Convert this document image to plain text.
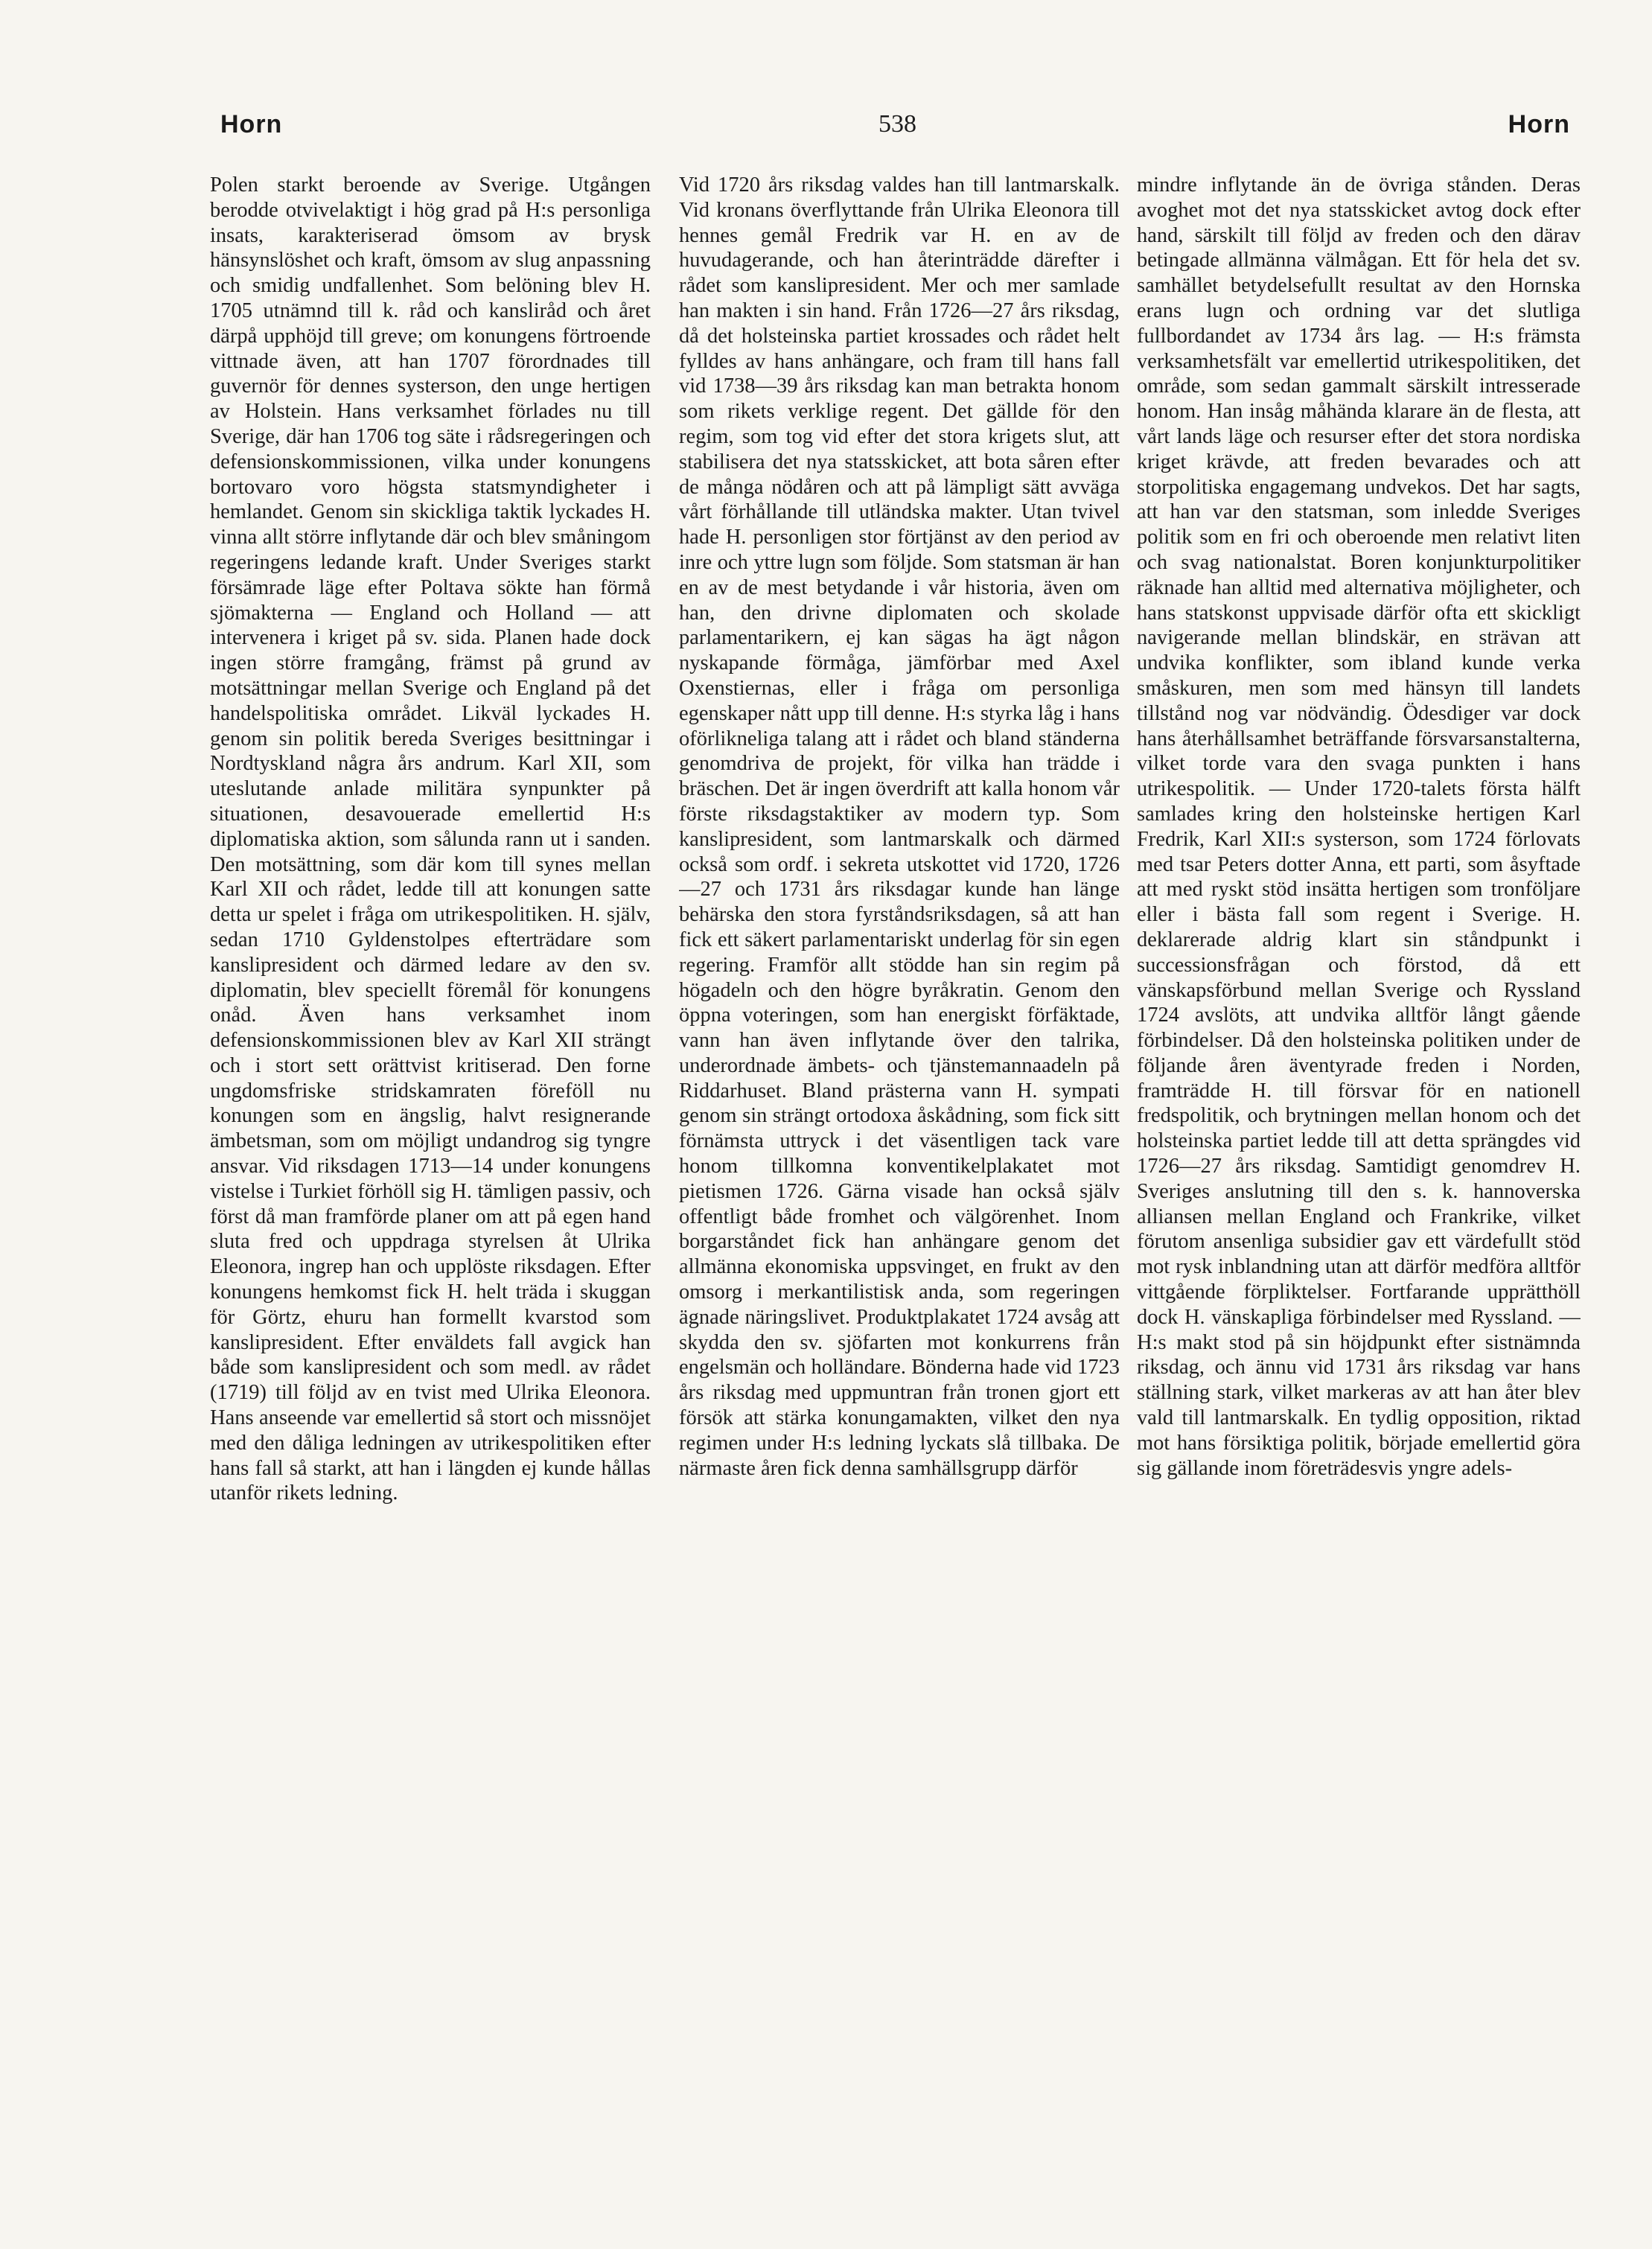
Horn	538	Horn

Polen starkt beroende av Sverige. Utgången berodde otvivelaktigt i hög grad på H:s personliga insats, karakteriserad ömsom av brysk hänsynslöshet och kraft, ömsom av slug anpassning och smidig undfallenhet. Som belöning blev H. 1705 utnämnd till k. råd och kansliråd och året därpå upphöjd till greve; om konungens förtroende vittnade även, att han 1707 förordnades till guvernör för dennes systerson, den unge hertigen av Holstein. Hans verksamhet förlades nu till Sverige, där han 1706 tog säte i rådsregeringen och defensionskommissionen, vilka under konungens bortovaro voro högsta statsmyndigheter i hemlandet. Genom sin skickliga taktik lyckades H. vinna allt större inflytande där och blev småningom regeringens ledande kraft. Under Sveriges starkt försämrade läge efter Poltava sökte han förmå sjömakterna — England och Holland — att intervenera i kriget på sv. sida. Planen hade dock ingen större framgång, främst på grund av motsättningar mellan Sverige och England på det handelspolitiska området. Likväl lyckades H. genom sin politik bereda Sveriges besittningar i Nordtyskland några års andrum. Karl XII, som uteslutande anlade militära synpunkter på situationen, desavouerade emellertid H:s diplomatiska aktion, som sålunda rann ut i sanden. Den motsättning, som där kom till synes mellan Karl XII och rådet, ledde till att konungen satte detta ur spelet i fråga om utrikespolitiken. H. själv, sedan 1710 Gyldenstolpes efterträdare som kanslipresident och därmed ledare av den sv. diplomatin, blev speciellt föremål för konungens onåd. Även hans verksamhet inom defensionskommissionen blev av Karl XII strängt och i stort sett orättvist kritiserad. Den forne ungdomsfriske stridskamraten föreföll nu konungen som en ängslig, halvt resignerande ämbetsman, som om möjligt undandrog sig tyngre ansvar. Vid riksdagen 1713—14 under konungens vistelse i Turkiet förhöll sig H. tämligen passiv, och först då man framförde planer om att på egen hand sluta fred och uppdraga styrelsen åt Ulrika Eleonora, ingrep han och upplöste riksdagen. Efter konungens hemkomst fick H. helt träda i skuggan för Görtz, ehuru han formellt kvarstod som kanslipresident. Efter enväldets fall avgick han både som kanslipresident och som medl. av rådet (1719) till följd av en tvist med Ulrika Eleonora. Hans anseende var emellertid så stort och missnöjet med den dåliga ledningen av utrikespolitiken efter hans fall så starkt, att han i längden ej kunde hållas utanför rikets ledning.

Vid 1720 års riksdag valdes han till lantmarskalk. Vid kronans överflyttande från Ulrika Eleonora till hennes gemål Fredrik var H. en av de huvudagerande, och han återinträdde därefter i rådet som kanslipresident. Mer och mer samlade han makten i sin hand. Från 1726—27 års riksdag, då det holsteinska partiet krossades och rådet helt fylldes av hans anhängare, och fram till hans fall vid 1738—39 års riksdag kan man betrakta honom som rikets verklige regent. Det gällde för den regim, som tog vid efter det stora krigets slut, att stabilisera det nya statsskicket, att bota såren efter de många nödåren och att på lämpligt sätt avväga vårt förhållande till utländska makter. Utan tvivel hade H. personligen stor förtjänst av den period av inre och yttre lugn som följde. Som statsman är han en av de mest betydande i vår historia, även om han, den drivne diplomaten och skolade parlamentarikern, ej kan sägas ha ägt någon nyskapande förmåga, jämförbar med Axel Oxenstiernas, eller i fråga om personliga egenskaper nått upp till denne. H:s styrka låg i hans oförlikneliga talang att i rådet och bland ständerna genomdriva de projekt, för vilka han trädde i bräschen. Det är ingen överdrift att kalla honom vår förste riksdagstaktiker av modern typ. Som kanslipresident, som lantmarskalk och därmed också som ordf. i sekreta utskottet vid 1720, 1726—27 och 1731 års riksdagar kunde han länge behärska den stora fyrståndsriksdagen, så att han fick ett säkert parlamentariskt underlag för sin egen regering. Framför allt stödde han sin regim på högadeln och den högre byråkratin. Genom den öppna voteringen, som han energiskt förfäktade, vann han även inflytande över den talrika, underordnade ämbets- och tjänstemannaadeln på Riddarhuset. Bland prästerna vann H. sympati genom sin strängt ortodoxa åskådning, som fick sitt förnämsta uttryck i det väsentligen tack vare honom tillkomna konventikelplakatet mot pietismen 1726. Gärna visade han också själv offentligt både fromhet och välgörenhet. Inom borgarståndet fick han anhängare genom det allmänna ekonomiska uppsvinget, en frukt av den omsorg i merkantilistisk anda, som regeringen ägnade näringslivet. Produktplakatet 1724 avsåg att skydda den sv. sjöfarten mot konkurrens från engelsmän och holländare. Bönderna hade vid 1723 års riksdag med uppmuntran från tronen gjort ett försök att stärka konungamakten, vilket den nya regimen under H:s ledning lyckats slå tillbaka. De närmaste åren fick denna samhällsgrupp därför

mindre inflytande än de övriga stånden. Deras avoghet mot det nya statsskicket avtog dock efter hand, särskilt till följd av freden och den därav betingade allmänna välmågan. Ett för hela det sv. samhället betydelsefullt resultat av den Hornska erans lugn och ordning var det slutliga fullbordandet av 1734 års lag. — H:s främsta verksamhetsfält var emellertid utrikespolitiken, det område, som sedan gammalt särskilt intresserade honom. Han insåg måhända klarare än de flesta, att vårt lands läge och resurser efter det stora nordiska kriget krävde, att freden bevarades och att storpolitiska engagemang undvekos. Det har sagts, att han var den statsman, som inledde Sveriges politik som en fri och oberoende men relativt liten och svag nationalstat. Boren konjunkturpolitiker räknade han alltid med alternativa möjligheter, och hans statskonst uppvisade därför ofta ett skickligt navigerande mellan blindskär, en strävan att undvika konflikter, som ibland kunde verka småskuren, men som med hänsyn till landets tillstånd nog var nödvändig. Ödesdiger var dock hans återhållsamhet beträffande försvarsanstalterna, vilket torde vara den svaga punkten i hans utrikespolitik. — Under 1720-talets första hälft samlades kring den holsteinske hertigen Karl Fredrik, Karl XII:s systerson, som 1724 förlovats med tsar Peters dotter Anna, ett parti, som åsyftade att med ryskt stöd insätta hertigen som tronföljare eller i bästa fall som regent i Sverige. H. deklarerade aldrig klart sin ståndpunkt i successionsfrågan och förstod, då ett vänskapsförbund mellan Sverige och Ryssland 1724 avslöts, att undvika alltför långt gående förbindelser. Då den holsteinska politiken under de följande åren äventyrade freden i Norden, framträdde H. till försvar för en nationell fredspolitik, och brytningen mellan honom och det holsteinska partiet ledde till att detta sprängdes vid 1726—27 års riksdag. Samtidigt genomdrev H. Sveriges anslutning till den s. k. hannoverska alliansen mellan England och Frankrike, vilket förutom ansenliga subsidier gav ett värdefullt stöd mot rysk inblandning utan att därför medföra alltför vittgående förpliktelser. Fortfarande upprätthöll dock H. vänskapliga förbindelser med Ryssland. — H:s makt stod på sin höjdpunkt efter sistnämnda riksdag, och ännu vid 1731 års riksdag var hans ställning stark, vilket markeras av att han åter blev vald till lantmarskalk. En tydlig opposition, riktad mot hans försiktiga politik, började emellertid göra sig gällande inom företrädesvis yngre adels-
